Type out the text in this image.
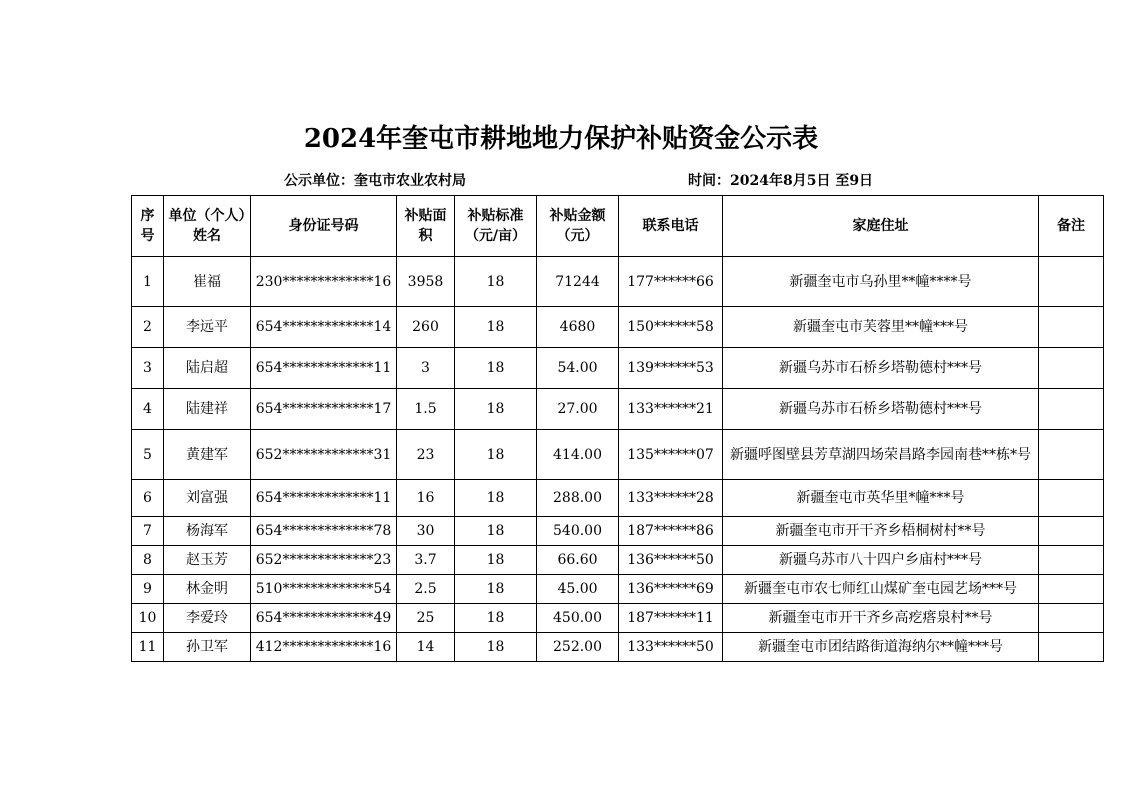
2024年奎屯市耕地地力保护补贴资金公示表
公示单位：奎屯市农业农村局	时间：2024年8月5日 至9日
序号	单位（个人）姓名	身份证号码	补贴面积	补贴标准（元/亩）	补贴金额（元）	联系电话	家庭住址	备注
1	崔福	230*************16	3958	18	71244	177******66	新疆奎屯市乌孙里**幢****号	
2	李远平	654*************14	260	18	4680	150******58	新疆奎屯市芙蓉里**幢***号	
3	陆启超	654*************11	3	18	54.00	139******53	新疆乌苏市石桥乡塔勒德村***号	
4	陆建祥	654*************17	1.5	18	27.00	133******21	新疆乌苏市石桥乡塔勒德村***号	
5	黄建军	652*************31	23	18	414.00	135******07	新疆呼图壁县芳草湖四场荣昌路李园南巷**栋*号	
6	刘富强	654*************11	16	18	288.00	133******28	新疆奎屯市英华里*幢***号	
7	杨海军	654*************78	30	18	540.00	187******86	新疆奎屯市开干齐乡梧桐树村**号	
8	赵玉芳	652*************23	3.7	18	66.60	136******50	新疆乌苏市八十四户乡庙村***号	
9	林金明	510*************54	2.5	18	45.00	136******69	新疆奎屯市农七师红山煤矿奎屯园艺场***号	
10	李爱玲	654*************49	25	18	450.00	187******11	新疆奎屯市开干齐乡高疙瘩泉村**号	
11	孙卫军	412*************16	14	18	252.00	133******50	新疆奎屯市团结路街道海纳尔**幢***号	
